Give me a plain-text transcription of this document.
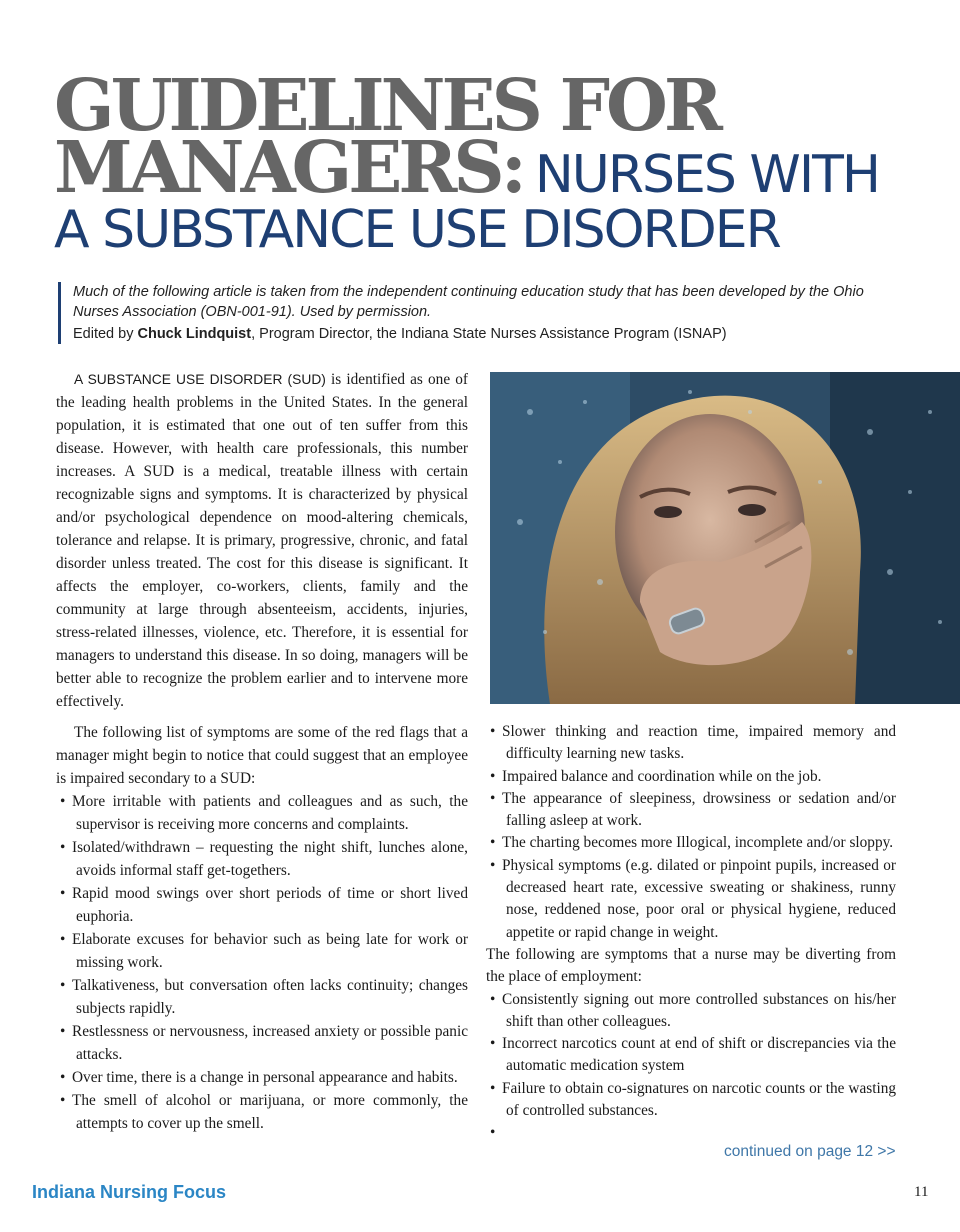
GUIDELINES FOR
MANAGERS: NURSES WITH
A SUBSTANCE USE DISORDER
Much of the following article is taken from the independent continuing education study that has been developed by the Ohio Nurses Association (OBN-001-91). Used by permission.
Edited by Chuck Lindquist, Program Director, the Indiana State Nurses Assistance Program (ISNAP)

A SUBSTANCE USE DISORDER (SUD) is identified as one of the leading health problems in the United States. In the general population, it is estimated that one out of ten suffer from this disease. However, with health care professionals, this number increases. A SUD is a medical, treatable illness with certain recognizable signs and symptoms. It is characterized by physical and/or psychological dependence on mood-altering chemicals, tolerance and relapse. It is primary, progressive, chronic, and fatal disorder unless treated. The cost for this disease is significant. It affects the employer, co-workers, clients, family and the community at large through absenteeism, accidents, injuries, stress-related illnesses, violence, etc. Therefore, it is essential for managers to understand this disease. In so doing, managers will be better able to recognize the problem earlier and to intervene more effectively.

The following list of symptoms are some of the red flags that a manager might begin to notice that could suggest that an employee is impaired secondary to a SUD:

• More irritable with patients and colleagues and as such, the supervisor is receiving more concerns and complaints.
• Isolated/withdrawn – requesting the night shift, lunches alone, avoids informal staff get-togethers.
• Rapid mood swings over short periods of time or short lived euphoria.
• Elaborate excuses for behavior such as being late for work or missing work.
• Talkativeness, but conversation often lacks continuity; changes subjects rapidly.
• Restlessness or nervousness, increased anxiety or possible panic attacks.
• Over time, there is a change in personal appearance and habits.
• The smell of alcohol or marijuana, or more commonly, the attempts to cover up the smell.
• Slower thinking and reaction time, impaired memory and difficulty learning new tasks.
• Impaired balance and coordination while on the job.
• The appearance of sleepiness, drowsiness or sedation and/or falling asleep at work.
• The charting becomes more Illogical, incomplete and/or sloppy.
• Physical symptoms (e.g. dilated or pinpoint pupils, increased or decreased heart rate, excessive sweating or shakiness, runny nose, reddened nose, poor oral or physical hygiene, reduced appetite or rapid change in weight.
The following are symptoms that a nurse may be diverting from the place of employment:
• Consistently signing out more controlled substances on his/her shift than other colleagues.
• Incorrect narcotics count at end of shift or discrepancies via the automatic medication system
• Failure to obtain co-signatures on narcotic counts or the wasting of controlled substances.
•
continued on page 12 >>
Indiana Nursing Focus	11
